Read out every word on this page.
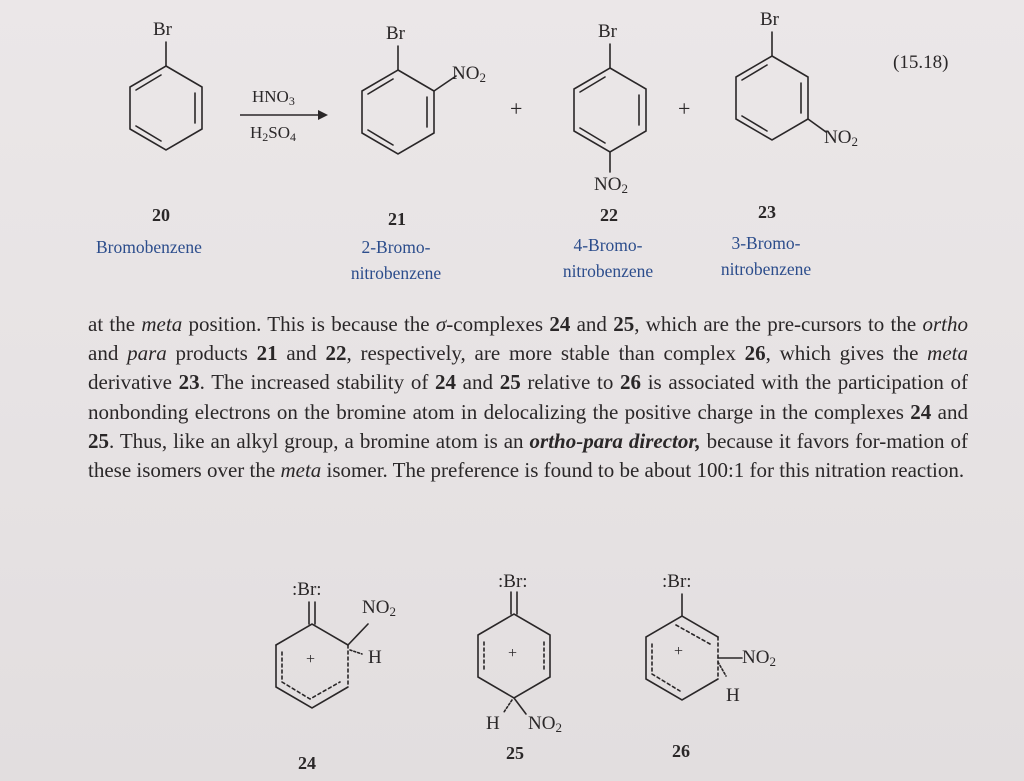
(15.18)
Br
$HNO_3$
$H_2SO_4$
Br
$NO_2$
+
Br
$NO_2$
+
Br
$NO_2$
20
Bromobenzene
21
2-Bromo-
nitrobenzene
22
4-Bromo-
nitrobenzene
23
3-Bromo-
nitrobenzene

at the meta position. This is because the σ-complexes 24 and 25, which are the pre-cursors to the ortho and para products 21 and 22, respectively, are more stable than complex 26, which gives the meta derivative 23. The increased stability of 24 and 25 relative to 26 is associated with the participation of nonbonding electrons on the bromine atom in delocalizing the positive charge in the complexes 24 and 25. Thus, like an alkyl group, a bromine atom is an ortho-para director, because it favors for-mation of these isomers over the meta isomer. The preference is found to be about 100:1 for this nitration reaction.

:Br:
+
$NO_2$
H
24
:Br:
+
H $NO_2$
25
:Br:
+	$NO_2$
H
26
